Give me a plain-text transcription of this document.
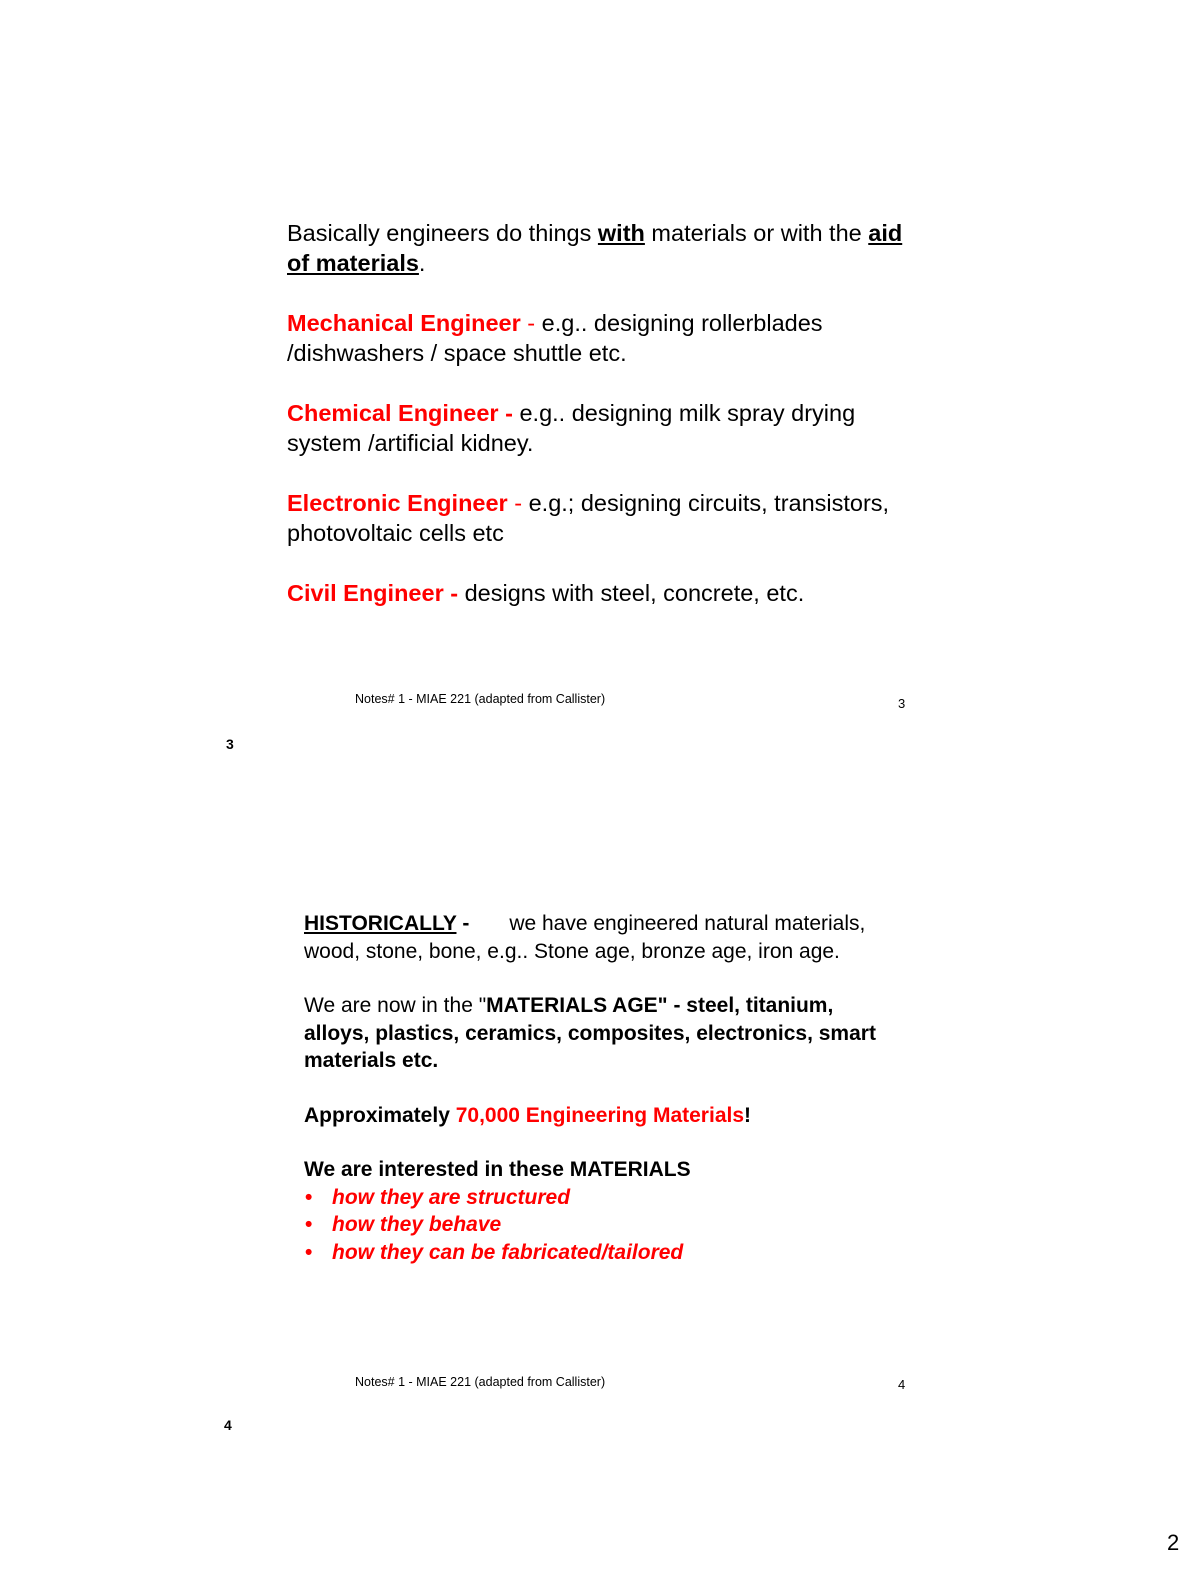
Basically engineers do things with materials or with the aid of materials.

Mechanical Engineer - e.g.. designing rollerblades /dishwashers / space shuttle etc.

Chemical Engineer - e.g.. designing milk spray drying system /artificial kidney.

Electronic Engineer - e.g.; designing circuits, transistors, photovoltaic cells etc

Civil Engineer - designs with steel, concrete, etc.

Notes# 1 - MIAE 221 (adapted from Callister)	3
3

HISTORICALLY - we have engineered natural materials, wood, stone, bone, e.g.. Stone age, bronze age, iron age.

We are now in the "MATERIALS AGE" - steel, titanium, alloys, plastics, ceramics, composites, electronics, smart materials etc.

Approximately 70,000 Engineering Materials!

We are interested in these MATERIALS
• how they are structured
• how they behave
• how they can be fabricated/tailored
Notes# 1 - MIAE 221 (adapted from Callister)	4
4
2
